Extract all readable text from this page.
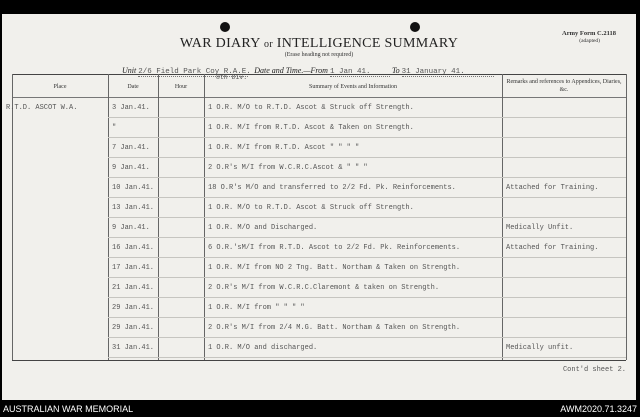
WAR DIARY or INTELLIGENCE SUMMARY
(Erase heading not required)
Army Form C.2118
(adapted)
Unit 2/6 Field Park Coy R.A.E. Date and Time.—From 1 Jan 41.	To 31 January 41.
Place	Date	Hour	Summary of Events and Information
Remarks and references to Appendices, Diaries, &c.
8th Div.
R.T.D. ASCOT W.A.	3 Jan.41.	1 O.R. M/O to R.T.D. Ascot & Struck off Strength.
"	1 O.R. M/I from R.T.D. Ascot & Taken on Strength.
7 Jan.41.	1 O.R. M/I from R.T.D. Ascot " " " "
9 Jan.41.	2 O.R's M/I from W.C.R.C.Ascot & " " "
10 Jan.41.	18 O.R's M/O and transferred to 2/2 Fd. Pk. Reinforcements.	Attached for Training.
13 Jan.41.	1 O.R. M/O to R.T.D. Ascot & Struck off Strength.
9 Jan.41.	1 O.R. M/O and Discharged.	Medically Unfit.
16 Jan.41.	6 O.R.'sM/I from R.T.D. Ascot to 2/2 Fd. Pk. Reinforcements.	Attached for Training.
17 Jan.41.	1 O.R. M/I from NO 2 Tng. Batt. Northam & Taken on Strength.
21 Jan.41.	2 O.R's M/I from W.C.R.C.Claremont & taken on Strength.
29 Jan.41.	1 O.R. M/I from " " " "
29 Jan.41.	2 O.R's M/I from 2/4 M.G. Batt. Northam & Taken on Strength.
31 Jan.41.	1 O.R. M/O and discharged.	Medically unfit.
Cont'd sheet 2.
AUSTRALIAN WAR MEMORIAL	AWM2020.71.3247
